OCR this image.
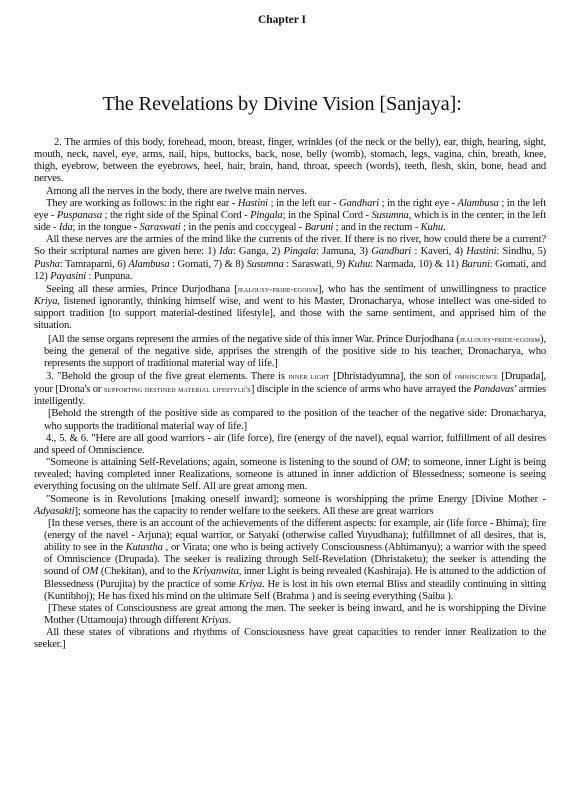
Chapter I
The Revelations by Divine Vision [Sanjaya]:

2. The armies of this body, forehead, moon, breast, finger, wrinkles (of the neck or the belly), ear, thigh, hearing, sight, mouth, neck, navel, eye, arms, nail, hips, buttocks, back, nose, belly (womb), stomach, legs, vagina, chin, breath, knee, thigh, eyebrow, between the eyebrows, heel, hair, brain, hand, throat, speech (words), teeth, flesh, skin, bone, head and nerves.

Among all the nerves in the body, there are twelve main nerves.

They are working as follows: in the right ear - Hastini ; in the left ear - Gandhari ; in the right eye - Alambusa ; in the left eye - Puspanasa ; the right side of the Spinal Cord - Pingala; in the Spinal Cord - Susumna, which is in the center; in the left side - Ida; in the tongue - Saraswati ; in the penis and coccygeal - Baruni ; and in the rectum - Kuhu.

All these nerves are the armies of the mind like the currents of the river. If there is no river, how could there be a current? So their scriptural names are given here: 1) Ida: Ganga, 2) Pingala: Jamuna, 3) Gandhari : Kaveri, 4) Hastini: Sindhu, 5) Pusha: Tamraparni, 6) Alambusa : Gomati, 7) & 8) Susumna : Saraswati, 9) Kuhu: Narmada, 10) & 11) Baruni: Gomati, and 12) Payasini : Punpuna.

Seeing all these armies, Prince Durjodhana [jealousy-pride-egoism], who has the sentiment of unwillingness to practice Kriya, listened ignorantly, thinking himself wise, and went to his Master, Dronacharya, whose intellect was one-sided to support tradition [to support material-destined lifestyle], and those with the same sentiment, and apprised him of the situation.

[All the sense organs represent the armies of the negative side of this inner War. Prince Durjodhana (jealousy-pride-egoism), being the general of the negative side, apprises the strength of the positive side to his teacher, Dronacharya, who represents the support of traditional material way of life.]

3. "Behold the group of the five great elements. There is inner light [Dhristadyumna], the son of omniscience [Drupada], your [Drona's or supporting destined material lifestyle's] disciple in the science of arms who have arrayed the Pandavas' armies intelligently.

[Behold the strength of the positive side as compared to the position of the teacher of the negative side: Dronacharya, who supports the traditional material way of life.]

4., 5. & 6. "Here are all good warriors - air (life force), fire (energy of the navel), equal warrior, fulfillment of all desires and speed of Omniscience.

"Someone is attaining Self-Revelations; again, someone is listening to the sound of OM; to someone, inner Light is being revealed; having completed inner Realizations, someone is attuned in inner addiction of Blessedness; someone is seeing everything focusing on the ultimate Self. All are great among men.

"Someone is in Revolutions [making oneself inward]; someone is worshipping the prime Energy [Divine Mother - Adyasakti]; someone has the capacity to render welfare to the seekers. All these are great warriors

[In these verses, there is an account of the achievements of the different aspects: for example, air (life force - Bhima); fire (energy of the navel - Arjuna); equal warrior, or Satyaki (otherwise called Yuyudhana); fulfillmnet of all desires, that is, ability to see in the Kutastha , or Virata; one who is being actively Consciousness (Abhimanyu); a warrior with the speed of Omniscience (Drupada). The seeker is realizing through Self-Revelation (Dhristaketu); the seeker is attending the sound of OM (Chekitan), and to the Kriyanwita, inner Light is being revealed (Kashiraja). He is attuned to the addiction of Blessedness (Purujita) by the practice of some Kriya. He is lost in his own eternal Bliss and steadily continuing in sitting (Kuntibhoj); He has fixed his mind on the ultimate Self (Brahma ) and is seeing everything (Saiba ).

[These states of Consciousness are great among the men. The seeker is being inward, and he is worshipping the Divine Mother (Uttamouja) through different Kriyas.

All these states of vibrations and rhythms of Consciousness have great capacities to render inner Realization to the seeker.]
